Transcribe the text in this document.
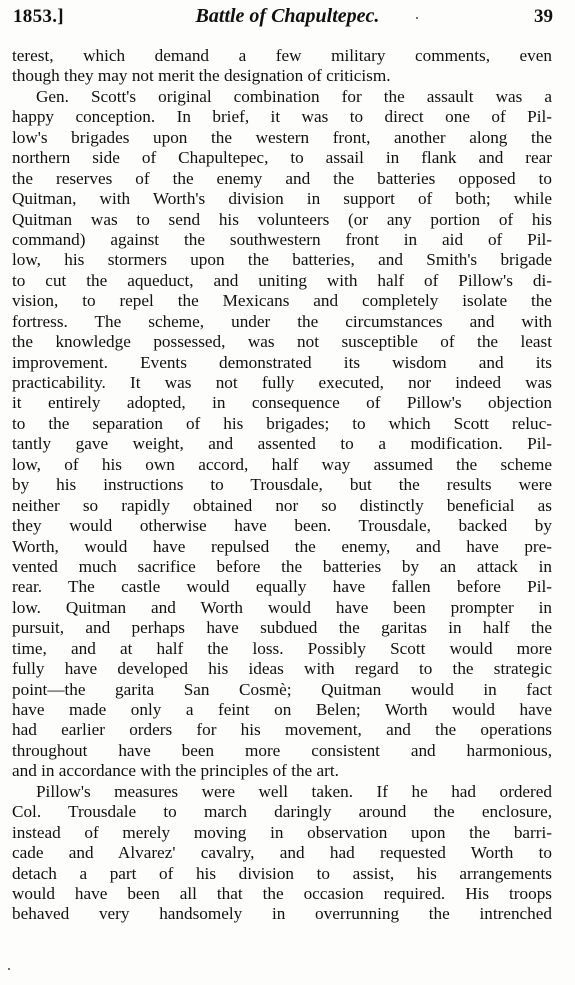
1853.]	Battle of Chapultepec.	39
terest, which demand a few military comments, even
though they may not merit the designation of criticism.
Gen. Scott's original combination for the assault was a
happy conception. In brief, it was to direct one of Pil-
low's brigades upon the western front, another along the
northern side of Chapultepec, to assail in flank and rear
the reserves of the enemy and the batteries opposed to
Quitman, with Worth's division in support of both; while
Quitman was to send his volunteers (or any portion of his
command) against the southwestern front in aid of Pil-
low, his stormers upon the batteries, and Smith's brigade
to cut the aqueduct, and uniting with half of Pillow's di-
vision, to repel the Mexicans and completely isolate the
fortress. The scheme, under the circumstances and with
the knowledge possessed, was not susceptible of the least
improvement. Events demonstrated its wisdom and its
practicability. It was not fully executed, nor indeed was
it entirely adopted, in consequence of Pillow's objection
to the separation of his brigades; to which Scott reluc-
tantly gave weight, and assented to a modification. Pil-
low, of his own accord, half way assumed the scheme
by his instructions to Trousdale, but the results were
neither so rapidly obtained nor so distinctly beneficial as
they would otherwise have been. Trousdale, backed by
Worth, would have repulsed the enemy, and have pre-
vented much sacrifice before the batteries by an attack in
rear. The castle would equally have fallen before Pil-
low. Quitman and Worth would have been prompter in
pursuit, and perhaps have subdued the garitas in half the
time, and at half the loss. Possibly Scott would more
fully have developed his ideas with regard to the strategic
point—the garita San Cosmè; Quitman would in fact
have made only a feint on Belen; Worth would have
had earlier orders for his movement, and the operations
throughout have been more consistent and harmonious,
and in accordance with the principles of the art.
Pillow's measures were well taken. If he had ordered
Col. Trousdale to march daringly around the enclosure,
instead of merely moving in observation upon the barri-
cade and Alvarez' cavalry, and had requested Worth to
detach a part of his division to assist, his arrangements
would have been all that the occasion required. His troops
behaved very handsomely in overrunning the intrenched
